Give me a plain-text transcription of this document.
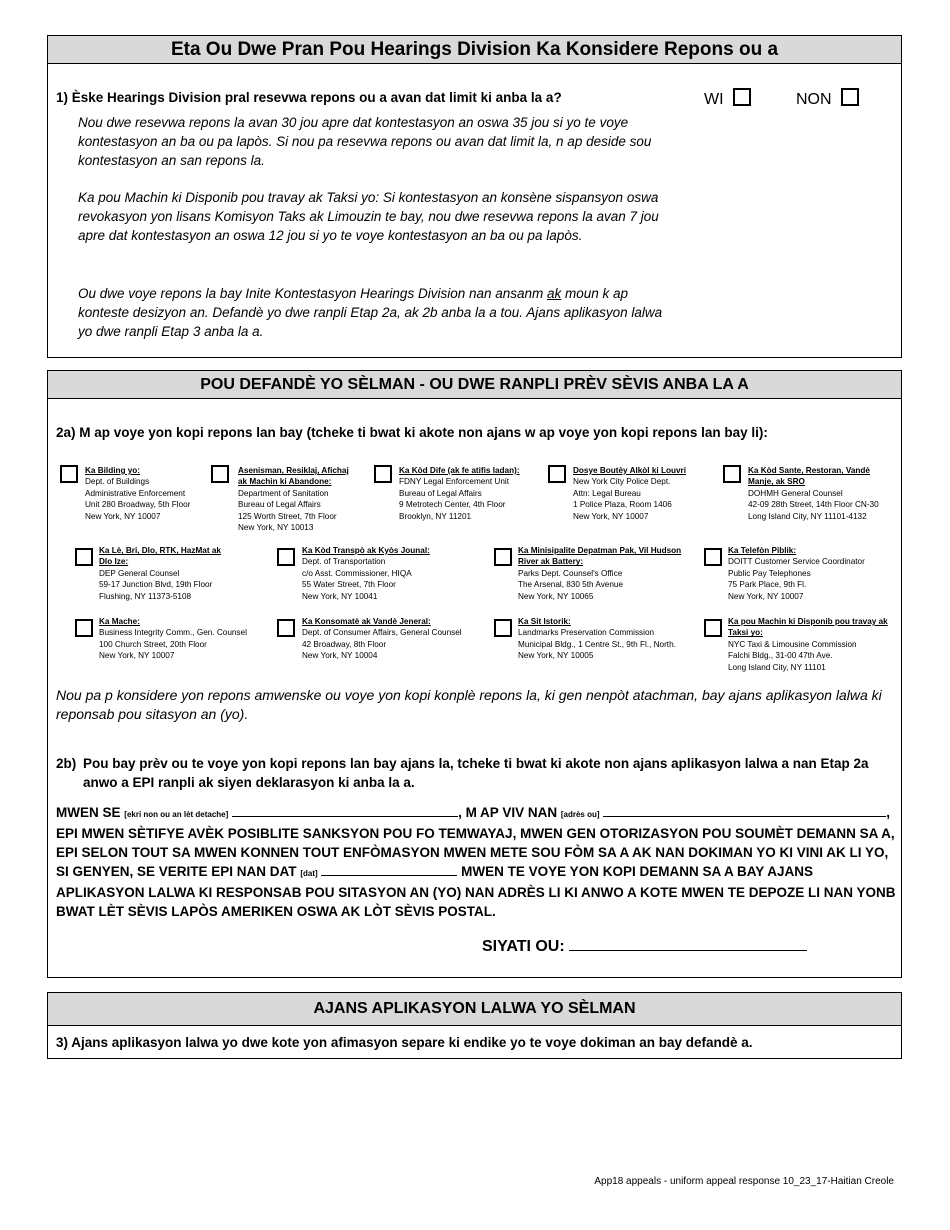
Eta Ou Dwe Pran Pou Hearings Division Ka Konsidere Repons ou a
1) Èske Hearings Division pral resevwa repons ou a avan dat limit ki anba la a?	WI	NON

Nou dwe resevwa repons la avan 30 jou apre dat kontestasyon an oswa 35 jou si yo te voye kontestasyon an ba ou pa lapòs. Si nou pa resevwa repons ou avan dat limit la, n ap deside sou kontestasyon an san repons la.

Ka pou Machin ki Disponib pou travay ak Taksi yo: Si kontestasyon an konsène sispansyon oswa revokasyon yon lisans Komisyon Taks ak Limouzin te bay, nou dwe resevwa repons la avan 7 jou apre dat kontestasyon an oswa 12 jou si yo te voye kontestasyon an ba ou pa lapòs.

Ou dwe voye repons la bay Inite Kontestasyon Hearings Division nan ansanm ak moun k ap konteste desizyon an. Defandè yo dwe ranpli Etap 2a, ak 2b anba la a tou. Ajans aplikasyon lalwa yo dwe ranpli Etap 3 anba la a.

POU DEFANDÈ YO SÈLMAN - OU DWE RANPLI PRÈV SÈVIS ANBA LA A
2a) M ap voye yon kopi repons lan bay (tcheke ti bwat ki akote non ajans w ap voye yon kopi repons lan bay li):
Ka Bilding yo:
Dept. of Buildings
Administrative Enforcement
Unit 280 Broadway, 5th Floor
New York, NY 10007
Asenisman, Resiklaj, Afichaj ak Machin ki Abandone:
Department of Sanitation
Bureau of Legal Affairs
125 Worth Street, 7th Floor
New York, NY 10013
Ka Kòd Dife (ak fe atifis ladan):
FDNY Legal Enforcement Unit
Bureau of Legal Affairs
9 Metrotech Center, 4th Floor
Brooklyn, NY 11201
Dosye Boutèy Alkòl ki Louvri
New York City Police Dept.
Attn: Legal Bureau
1 Police Plaza, Room 1406
New York, NY 10007
Ka Kòd Sante, Restoran, Vandè Manje, ak SRO
DOHMH General Counsel
42-09 28th Street, 14th Floor CN-30
Long Island City, NY 11101-4132
Ka Lè, Bri, Dlo, RTK, HazMat ak Dlo Ize:
DEP General Counsel
59-17 Junction Blvd, 19th Floor
Flushing, NY 11373-5108
Ka Kòd Transpò ak Kyòs Jounal:
Dept. of Transportation
c/o Asst. Commissioner, HIQA
55 Water Street, 7th Floor
New York, NY 10041
Ka Minisipalite Depatman Pak, Vil Hudson River ak Battery:
Parks Dept. Counsel's Office
The Arsenal, 830 5th Avenue
New York, NY 10065
Ka Telefòn Piblik:
DOITT Customer Service Coordinator
Public Pay Telephones
75 Park Place, 9th Fl.
New York, NY 10007
Ka Mache:
Business Integrity Comm., Gen. Counsel
100 Church Street, 20th Floor
New York, NY 10007
Ka Konsomatè ak Vandè Jeneral:
Dept. of Consumer Affairs, General Counsel
42 Broadway, 8th Floor
New York, NY 10004
Ka Sit Istorik:
Landmarks Preservation Commission
Municipal Bldg., 1 Centre St., 9th Fl., North.
New York, NY 10005
Ka pou Machin ki Disponib pou travay ak Taksi yo:
NYC Taxi & Limousine Commission
Falchi Bldg., 31-00 47th Ave.
Long Island City, NY 11101

Nou pa p konsidere yon repons amwenske ou voye yon kopi konplè repons la, ki gen nenpòt atachman, bay ajans aplikasyon lalwa ki reponsab pou sitasyon an (yo).

2b) Pou bay prèv ou te voye yon kopi repons lan bay ajans la, tcheke ti bwat ki akote non ajans aplikasyon lalwa a nan Etap 2a anwo a EPI ranpli ak siyen deklarasyon ki anba la a.
MWEN SE [ekri non ou an lèt detache]	, M AP VIV NAN [adrès ou]	, EPI MWEN SÈTIFYE AVÈK POSIBLITE SANKSYON POU FO TEMWAYAJ, MWEN GEN OTORIZASYON POU SOUMÈT DEMANN SA A, EPI SELON TOUT SA MWEN KONNEN TOUT ENFÒMASYON MWEN METE SOU FÒM SA A AK NAN DOKIMAN YO KI VINI AK LI YO, SI GENYEN, SE VERITE EPI NAN DAT [dat]	MWEN TE VOYE YON KOPI DEMANN SA A BAY AJANS APLIKASYON LALWA KI RESPONSAB POU SITASYON AN (YO) NAN ADRÈS LI KI ANWO A KOTE MWEN TE DEPOZE LI NAN YONB BWAT LÈT SÈVIS LAPÒS AMERIKEN OSWA AK LÒT SÈVIS POSTAL.
SIYATI OU:
AJANS APLIKASYON LALWA YO SÈLMAN
3) Ajans aplikasyon lalwa yo dwe kote yon afimasyon separe ki endike yo te voye dokiman an bay defandè a.
App18 appeals - uniform appeal response 10_23_17-Haitian Creole
